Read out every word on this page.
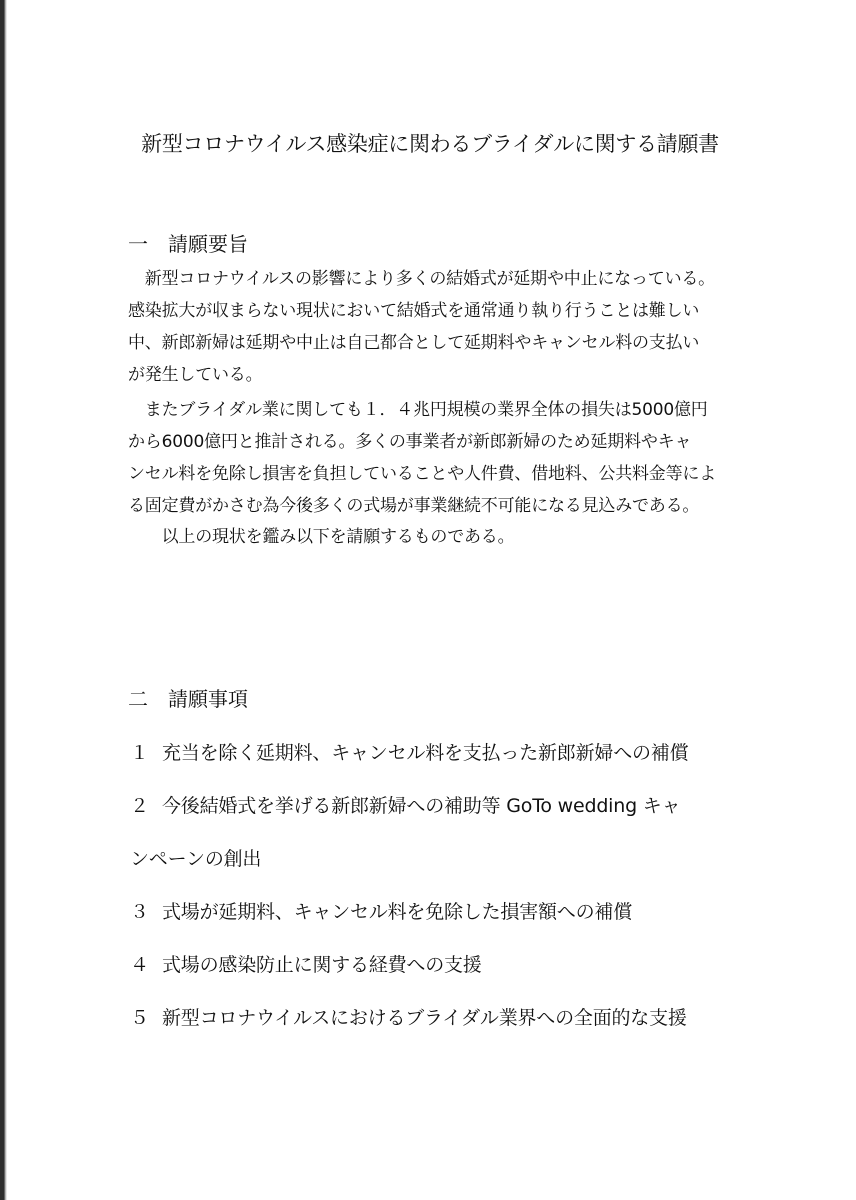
新型コロナウイルス感染症に関わるブライダルに関する請願書
一 請願要旨

　新型コロナウイルスの影響により多くの結婚式が延期や中止になっている。
感染拡大が収まらない現状において結婚式を通常通り執り行うことは難しい
中、新郎新婦は延期や中止は自己都合として延期料やキャンセル料の支払い
が発生している。

　またブライダル業に関しても１．４兆円規模の業界全体の損失は5000億円
から6000億円と推計される。多くの事業者が新郎新婦のため延期料やキャ
ンセル料を免除し損害を負担していることや人件費、借地料、公共料金等によ
る固定費がかさむ為今後多くの式場が事業継続不可能になる見込みである。

　　以上の現状を鑑み以下を請願するものである。

二 請願事項
１ 充当を除く延期料、キャンセル料を支払った新郎新婦への補償
２ 今後結婚式を挙げる新郎新婦への補助等 GoTo wedding キャ
ンペーンの創出
３ 式場が延期料、キャンセル料を免除した損害額への補償
４ 式場の感染防止に関する経費への支援
５ 新型コロナウイルスにおけるブライダル業界への全面的な支援
